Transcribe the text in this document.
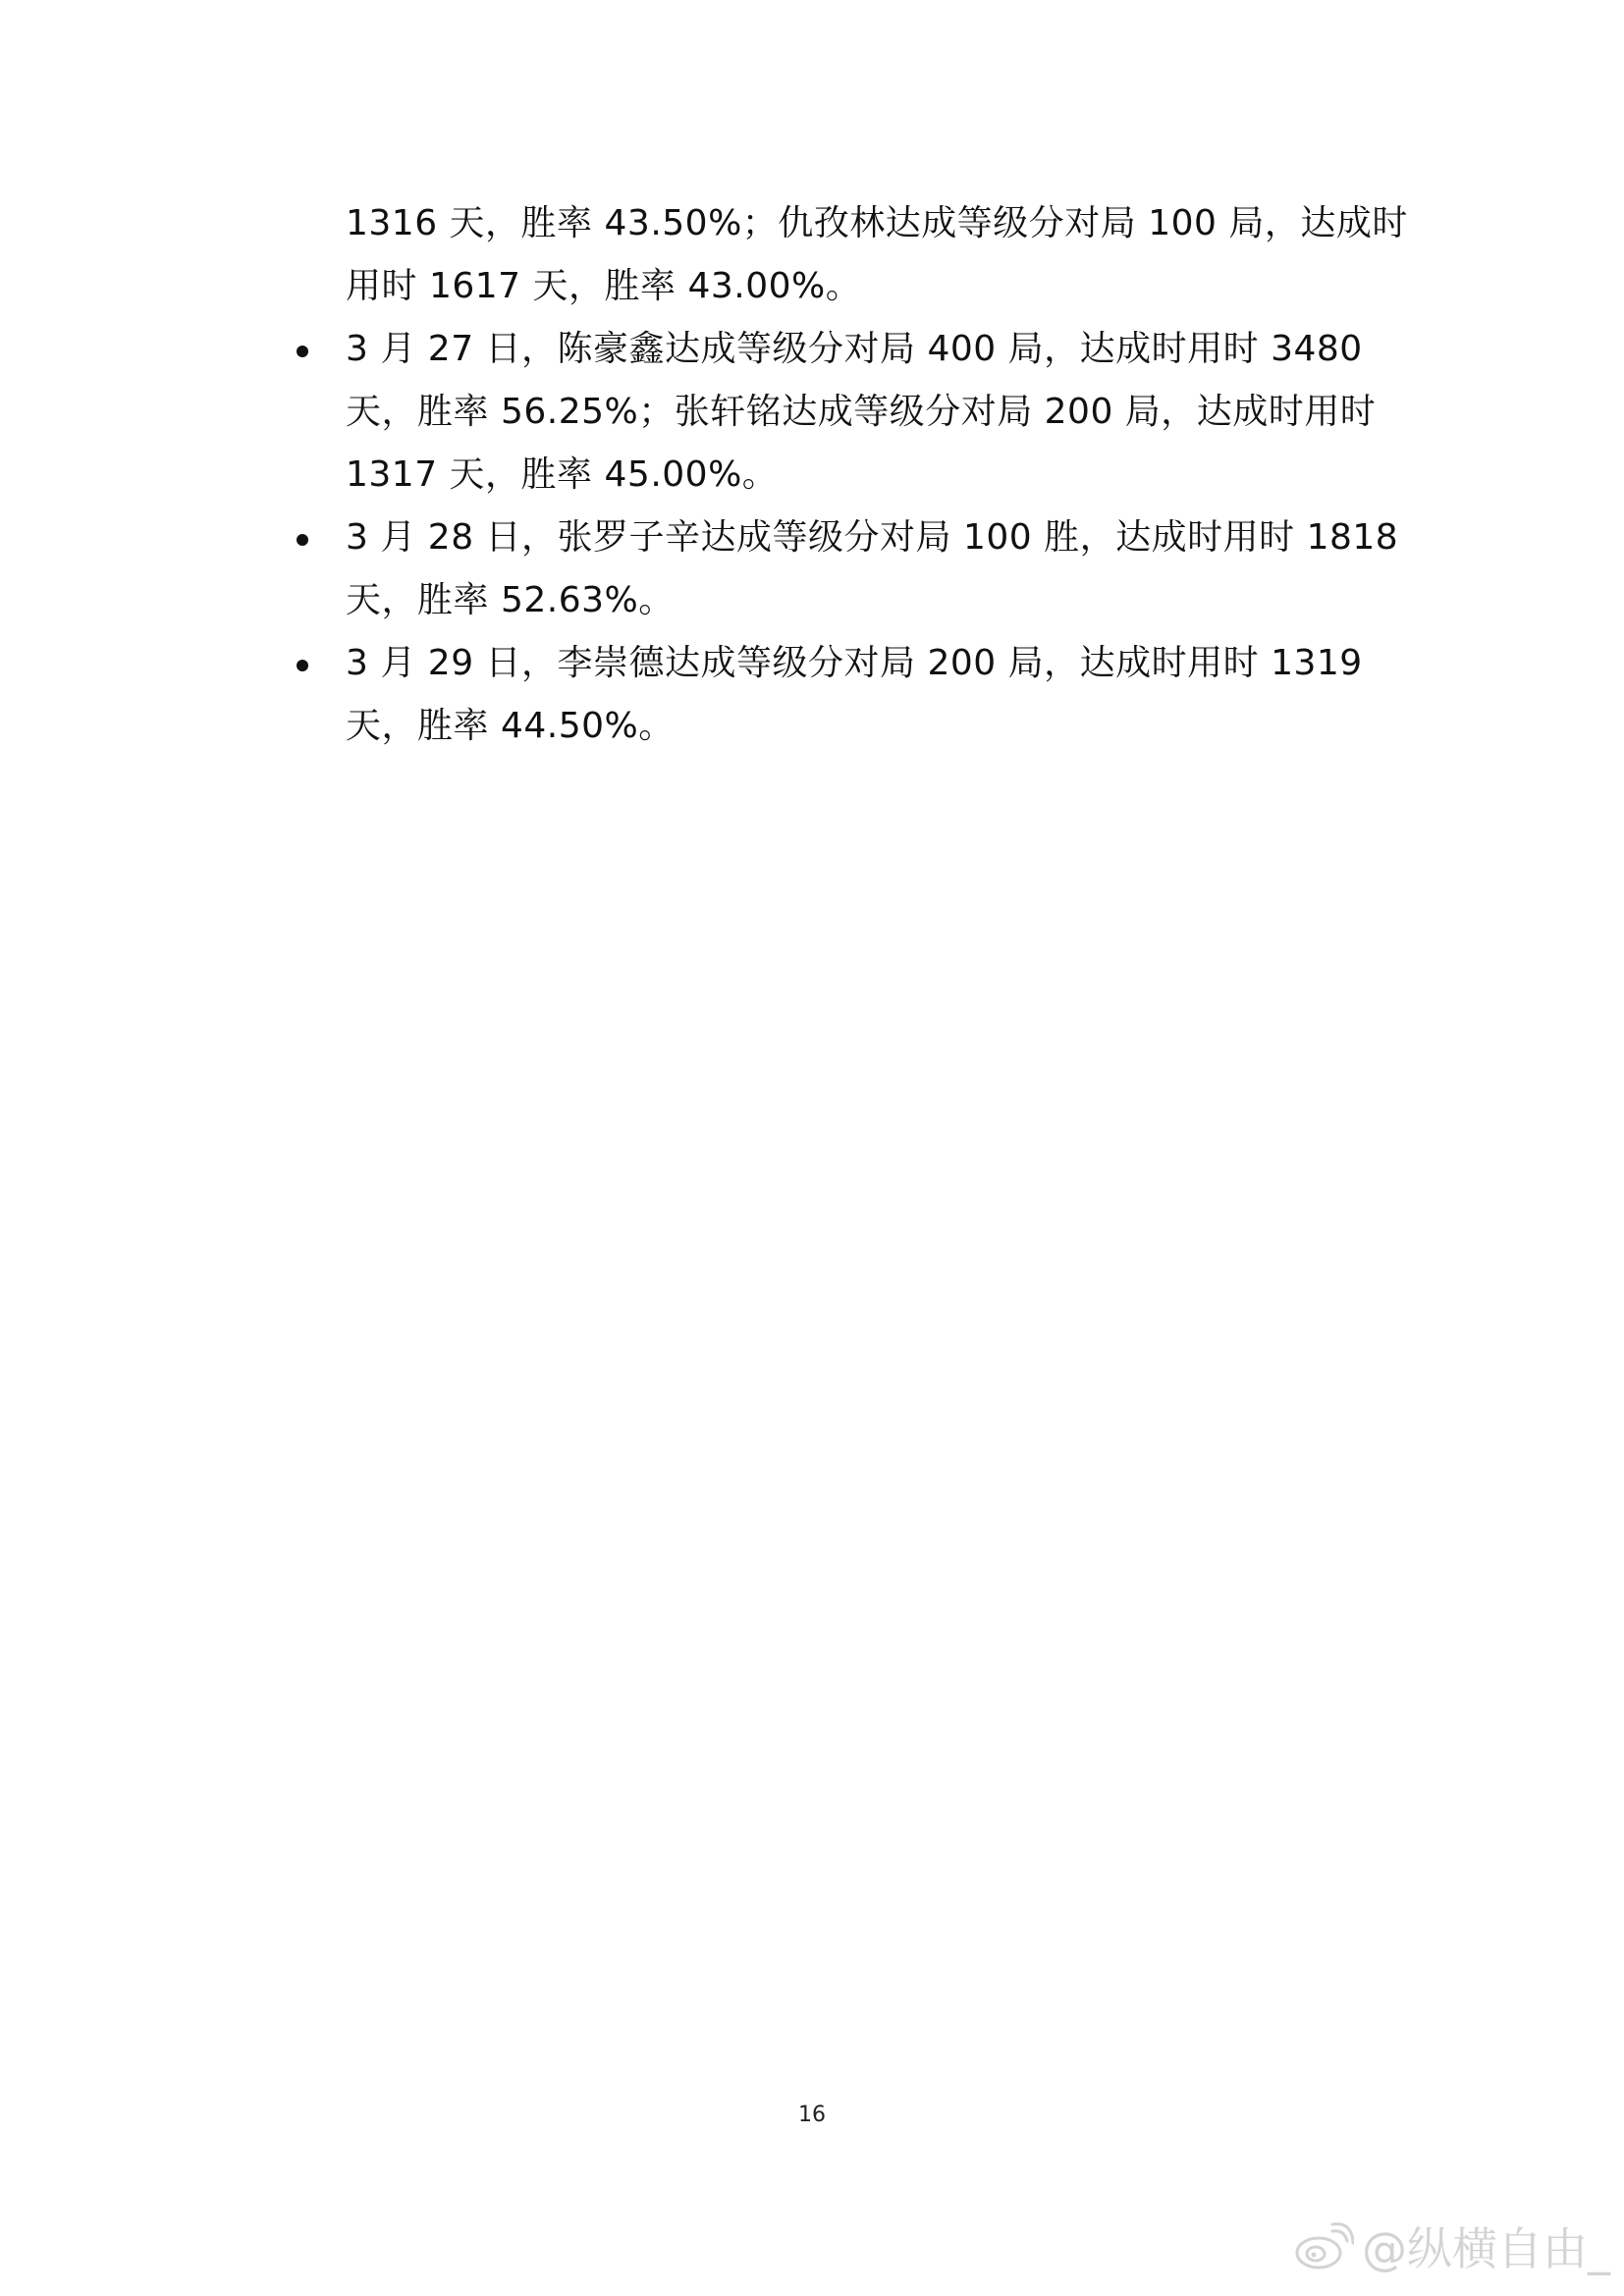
1316 天，胜率 43.50%；仇孜林达成等级分对局 100 局，达成时
用时 1617 天，胜率 43.00%。
3 月 27 日，陈豪鑫达成等级分对局 400 局，达成时用时 3480
天，胜率 56.25%；张轩铭达成等级分对局 200 局，达成时用时
1317 天，胜率 45.00%。
3 月 28 日，张罗子辛达成等级分对局 100 胜，达成时用时 1818
天，胜率 52.63%。
3 月 29 日，李崇德达成等级分对局 200 局，达成时用时 1319
天，胜率 44.50%。
16
@纵横自由_
